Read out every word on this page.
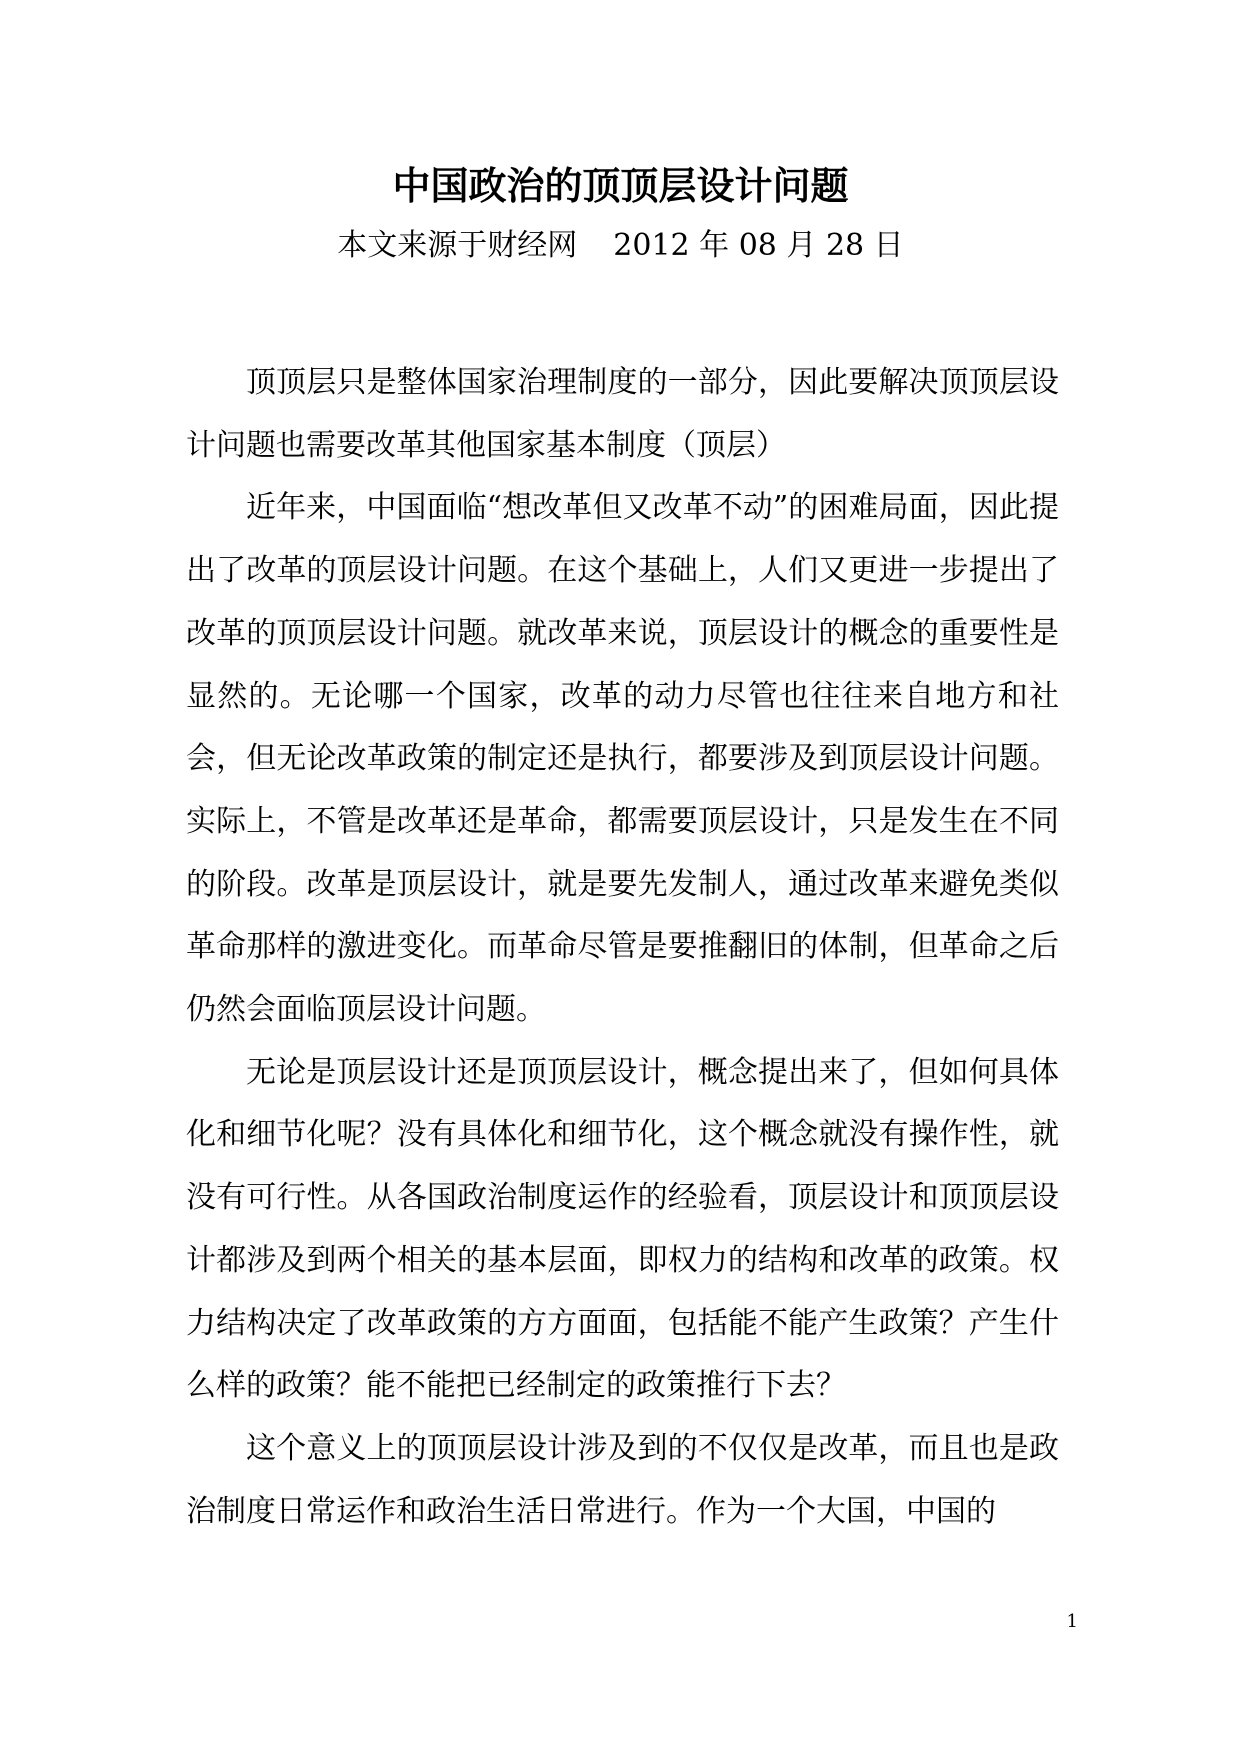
中国政治的顶顶层设计问题
本文来源于财经网 2012 年 08 月 28 日

顶顶层只是整体国家治理制度的一部分，因此要解决顶顶层设计问题也需要改革其他国家基本制度（顶层）

近年来，中国面临“想改革但又改革不动”的困难局面，因此提出了改革的顶层设计问题。在这个基础上，人们又更进一步提出了改革的顶顶层设计问题。就改革来说，顶层设计的概念的重要性是显然的。无论哪一个国家，改革的动力尽管也往往来自地方和社会，但无论改革政策的制定还是执行，都要涉及到顶层设计问题。实际上，不管是改革还是革命，都需要顶层设计，只是发生在不同的阶段。改革是顶层设计，就是要先发制人，通过改革来避免类似革命那样的激进变化。而革命尽管是要推翻旧的体制，但革命之后仍然会面临顶层设计问题。

无论是顶层设计还是顶顶层设计，概念提出来了，但如何具体化和细节化呢？没有具体化和细节化，这个概念就没有操作性，就没有可行性。从各国政治制度运作的经验看，顶层设计和顶顶层设计都涉及到两个相关的基本层面，即权力的结构和改革的政策。权力结构决定了改革政策的方方面面，包括能不能产生政策？产生什么样的政策？能不能把已经制定的政策推行下去？

这个意义上的顶顶层设计涉及到的不仅仅是改革，而且也是政治制度日常运作和政治生活日常进行。作为一个大国，中国的

1
